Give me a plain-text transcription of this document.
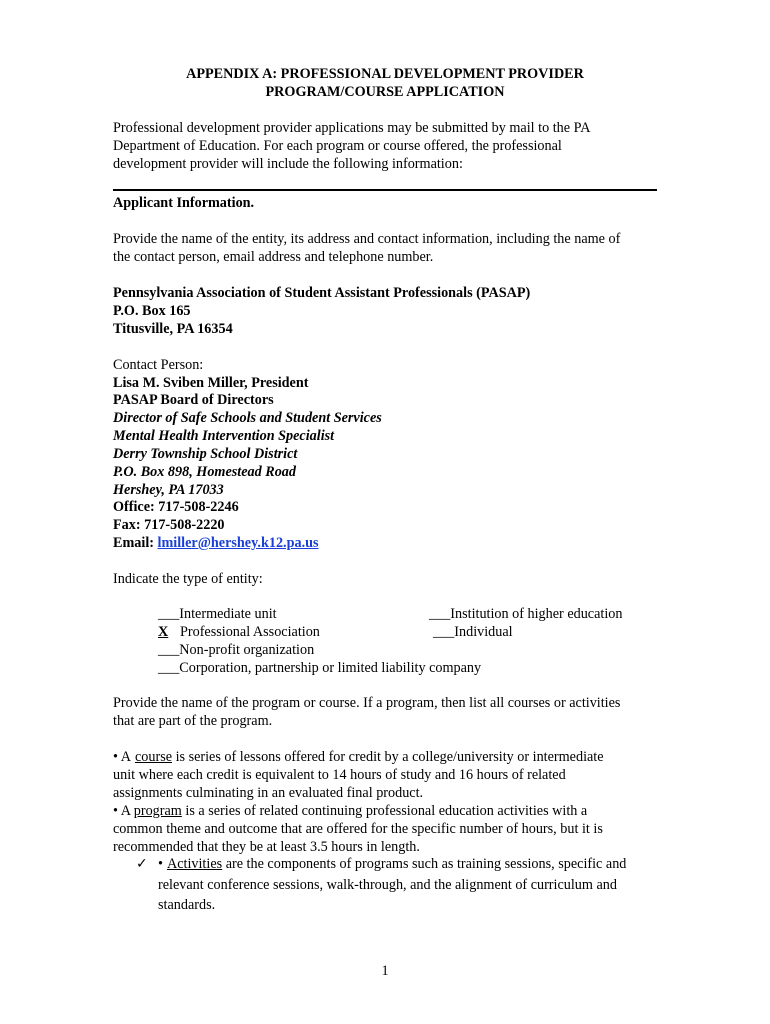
APPENDIX A: PROFESSIONAL DEVELOPMENT PROVIDER
PROGRAM/COURSE APPLICATION
Professional development provider applications may be submitted by mail to the PA
Department of Education. For each program or course offered, the professional
development provider will include the following information:
Applicant Information.
Provide the name of the entity, its address and contact information, including the name of
the contact person, email address and telephone number.
Pennsylvania Association of Student Assistant Professionals (PASAP)
P.O. Box 165
Titusville, PA 16354
Contact Person:
Lisa M. Sviben Miller, President
PASAP Board of Directors
Director of Safe Schools and Student Services
Mental Health Intervention Specialist
Derry Township School District
P.O. Box 898, Homestead Road
Hershey, PA 17033
Office: 717-508-2246
Fax: 717-508-2220
Email: lmiller@hershey.k12.pa.us
Indicate the type of entity:
___Intermediate unit	___Institution of higher education
X Professional Association	___Individual
___Non-profit organization
___Corporation, partnership or limited liability company
Provide the name of the program or course. If a program, then list all courses or activities
that are part of the program.
• A course is series of lessons offered for credit by a college/university or intermediate
unit where each credit is equivalent to 14 hours of study and 16 hours of related
assignments culminating in an evaluated final product.
• A program is a series of related continuing professional education activities with a
common theme and outcome that are offered for the specific number of hours, but it is
recommended that they be at least 3.5 hours in length.
✓ • Activities are the components of programs such as training sessions, specific and
relevant conference sessions, walk-through, and the alignment of curriculum and
standards.
1
